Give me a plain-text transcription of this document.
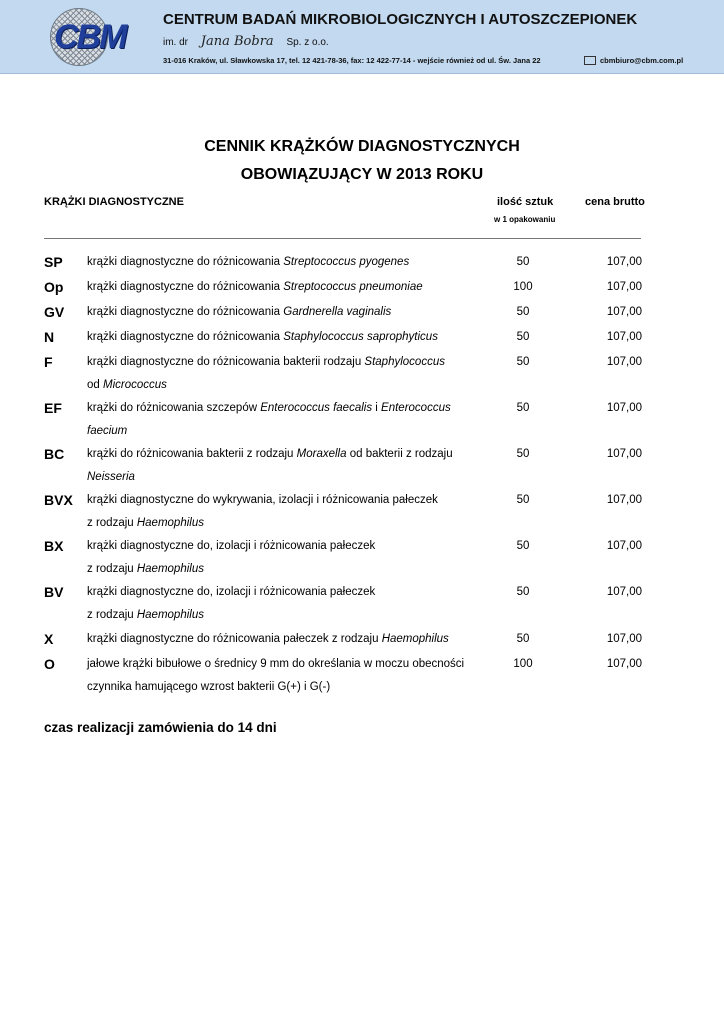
CBM	CENTRUM BADAŃ MIKROBIOLOGICZNYCH I AUTOSZCZEPIONEK
im. dr Jana Bobra Sp. z o.o.
31-016 Kraków, ul. Sławkowska 17, tel. 12 421-78-36, fax: 12 422-77-14 - wejście również od ul. Św. Jana 22	cbmbiuro@cbm.com.pl
CENNIK KRĄŻKÓW DIAGNOSTYCZNYCH
OBOWIĄZUJĄCY W 2013 ROKU
KRĄŻKI DIAGNOSTYCZNE	ilość sztuk
w 1 opakowaniu
cena brutto
SP krążki diagnostyczne do różnicowania Streptococcus pyogenes	50	107,00
Op krążki diagnostyczne do różnicowania Streptococcus pneumoniae	100	107,00
GV krążki diagnostyczne do różnicowania Gardnerella vaginalis	50	107,00
N	krążki diagnostyczne do różnicowania Staphylococcus saprophyticus	50	107,00
F	krążki diagnostyczne do różnicowania bakterii rodzaju Staphylococcus
od Micrococcus
50	107,00
EF krążki do różnicowania szczepów Enterococcus faecalis i Enterococcus
faecium
50	107,00
BC krążki do różnicowania bakterii z rodzaju Moraxella od bakterii z rodzaju
Neisseria
50	107,00
BVX krążki diagnostyczne do wykrywania, izolacji i różnicowania pałeczek
z rodzaju Haemophilus
50	107,00
BX krążki diagnostyczne do, izolacji i różnicowania pałeczek
z rodzaju Haemophilus
50	107,00
BV krążki diagnostyczne do, izolacji i różnicowania pałeczek
z rodzaju Haemophilus
50	107,00
X	krążki diagnostyczne do różnicowania pałeczek z rodzaju Haemophilus	50	107,00
O	jałowe krążki bibułowe o średnicy 9 mm do określania w moczu obecności
czynnika hamującego wzrost bakterii G(+) i G(-)
100	107,00
czas realizacji zamówienia do 14 dni
